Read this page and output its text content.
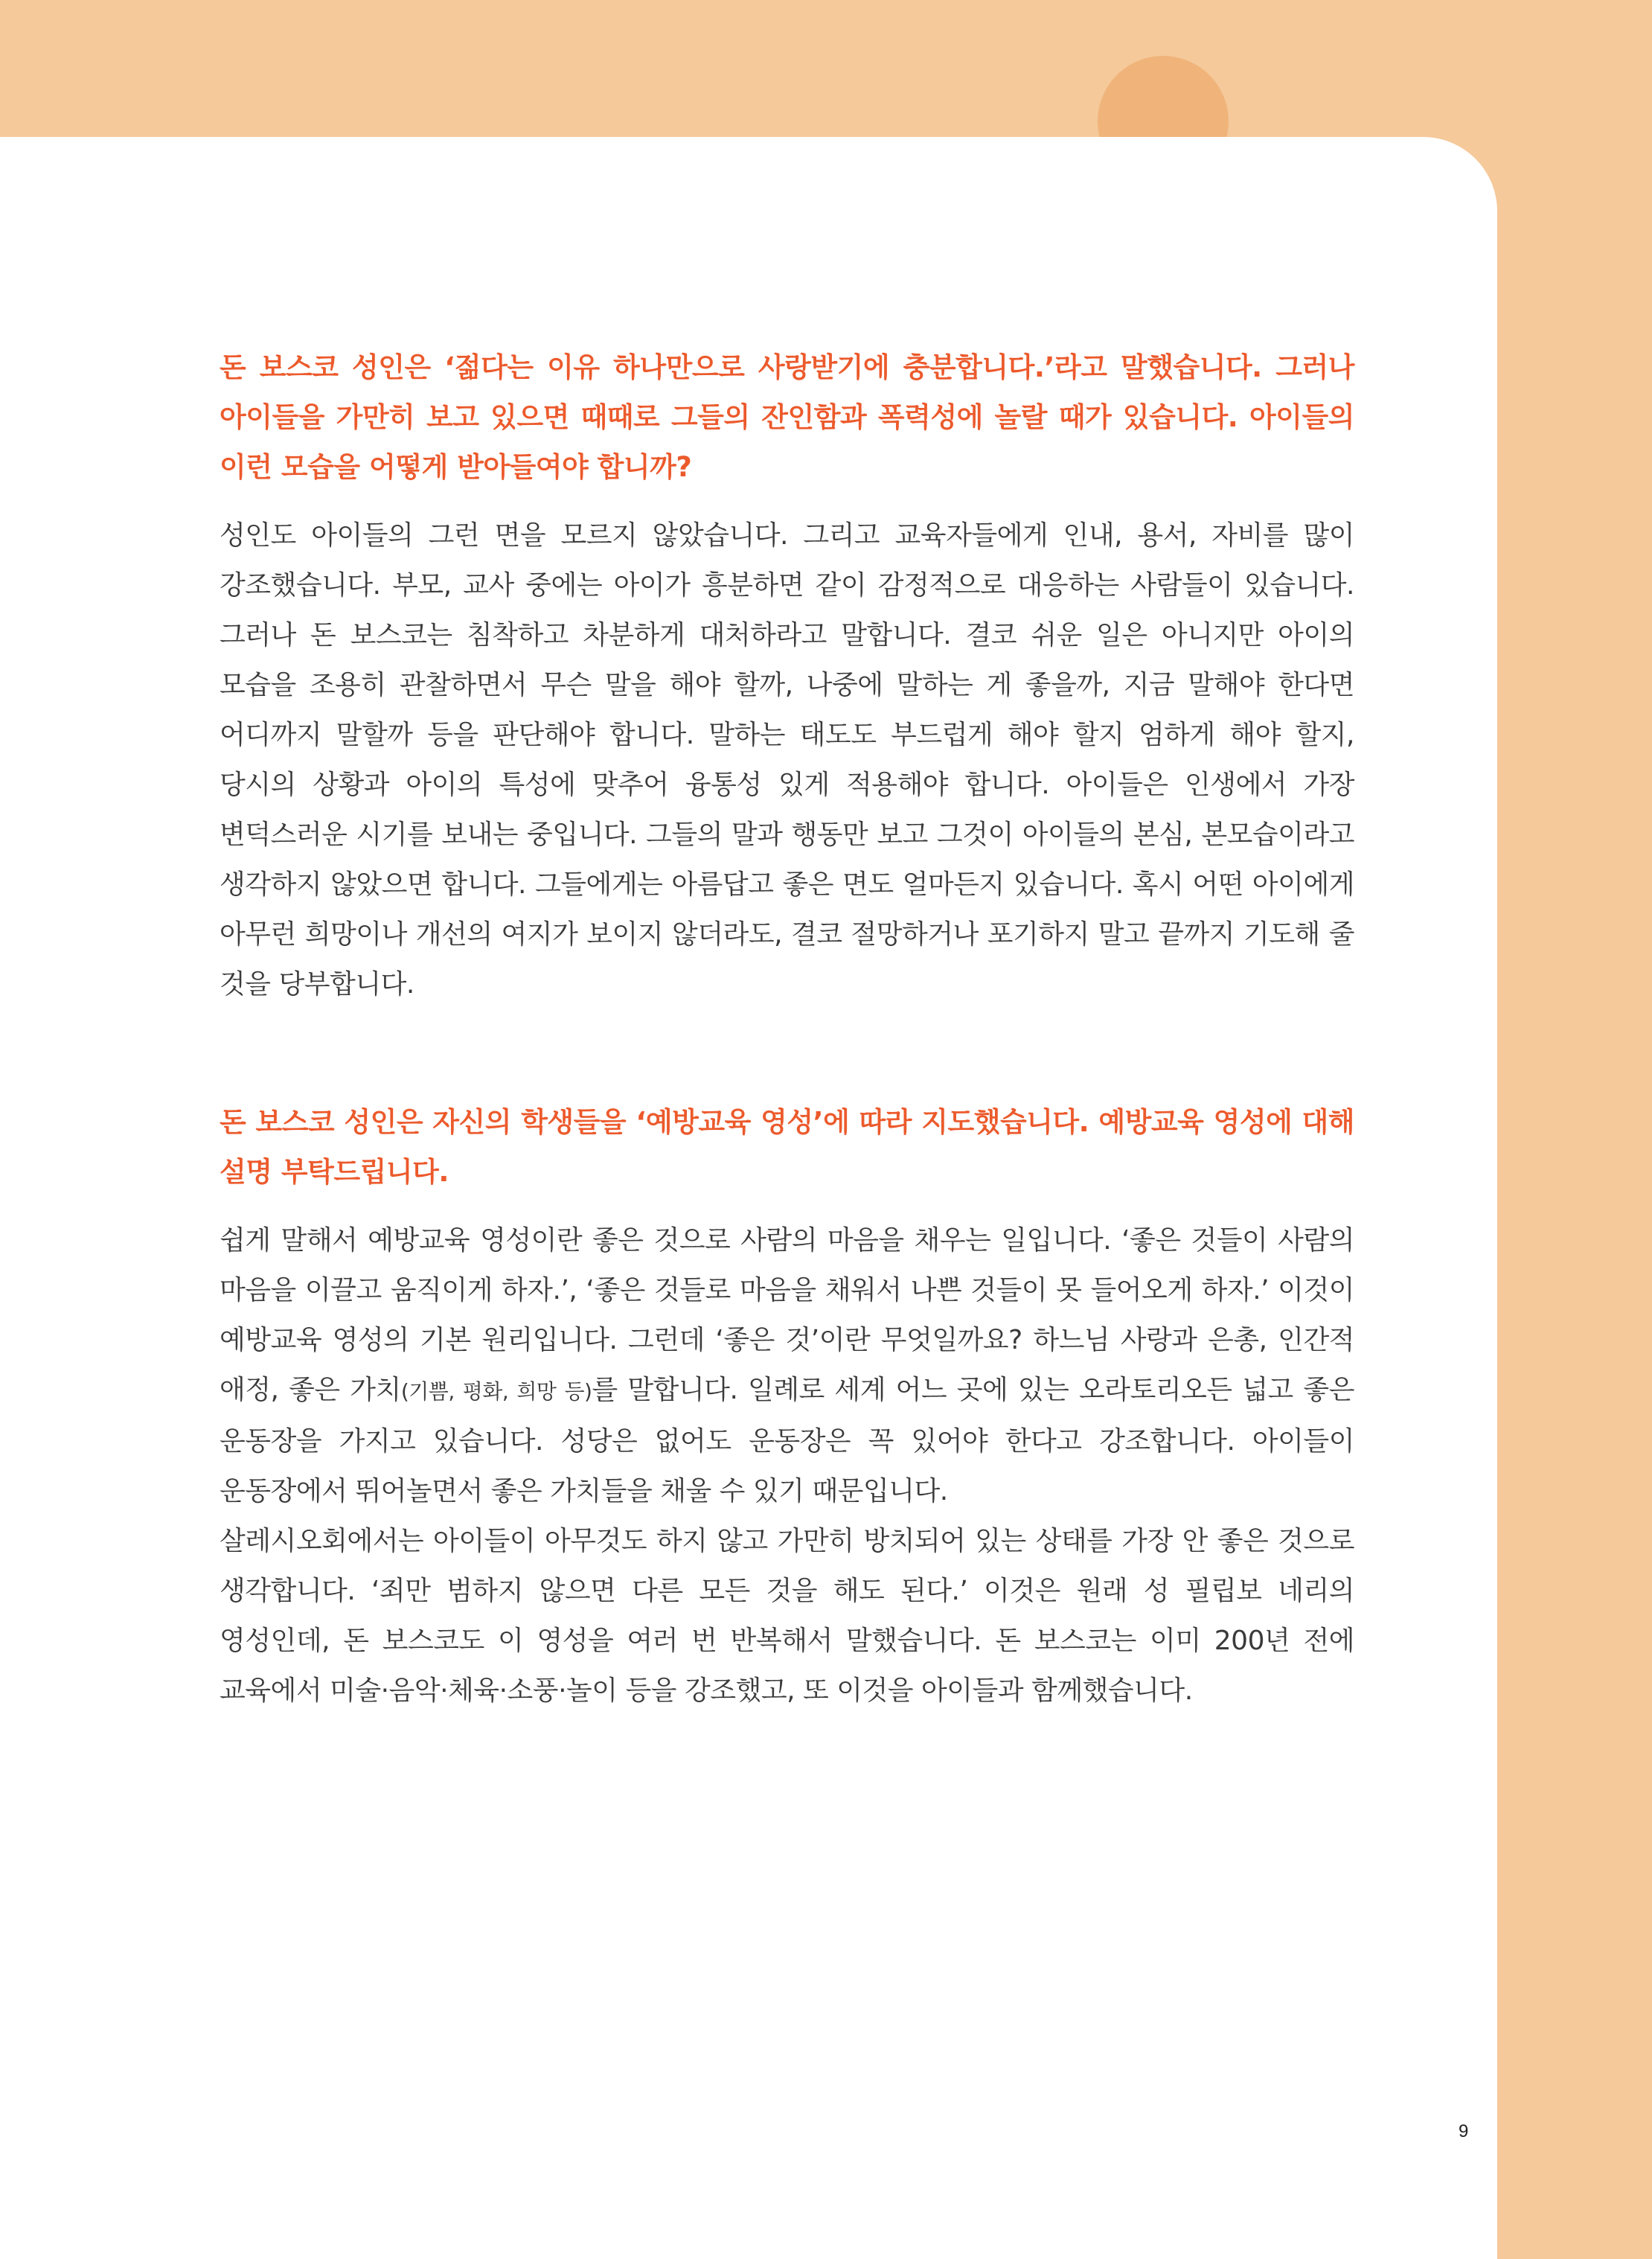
돈 보스코 성인은 ‘젊다는 이유 하나만으로 사랑받기에 충분합니다.’라고 말했습니다. 그러나 아이들을 가만히 보고 있으면 때때로 그들의 잔인함과 폭력성에 놀랄 때가 있습니다. 아이들의 이런 모습을 어떻게 받아들여야 합니까?

성인도 아이들의 그런 면을 모르지 않았습니다. 그리고 교육자들에게 인내, 용서, 자비를 많이 강조했습니다. 부모, 교사 중에는 아이가 흥분하면 같이 감정적으로 대응하는 사람들이 있습니다. 그러나 돈 보스코는 침착하고 차분하게 대처하라고 말합니다. 결코 쉬운 일은 아니지만 아이의 모습을 조용히 관찰하면서 무슨 말을 해야 할까, 나중에 말하는 게 좋을까, 지금 말해야 한다면 어디까지 말할까 등을 판단해야 합니다. 말하는 태도도 부드럽게 해야 할지 엄하게 해야 할지, 당시의 상황과 아이의 특성에 맞추어 융통성 있게 적용해야 합니다. 아이들은 인생에서 가장 변덕스러운 시기를 보내는 중입니다. 그들의 말과 행동만 보고 그것이 아이들의 본심, 본모습이라고 생각하지 않았으면 합니다. 그들에게는 아름답고 좋은 면도 얼마든지 있습니다. 혹시 어떤 아이에게 아무런 희망이나 개선의 여지가 보이지 않더라도, 결코 절망하거나 포기하지 말고 끝까지 기도해 줄 것을 당부합니다.

돈 보스코 성인은 자신의 학생들을 ‘예방교육 영성’에 따라 지도했습니다. 예방교육 영성에 대해 설명 부탁드립니다.

쉽게 말해서 예방교육 영성이란 좋은 것으로 사람의 마음을 채우는 일입니다. ‘좋은 것들이 사람의 마음을 이끌고 움직이게 하자.’, ‘좋은 것들로 마음을 채워서 나쁜 것들이 못 들어오게 하자.’ 이것이 예방교육 영성의 기본 원리입니다. 그런데 ‘좋은 것’이란 무엇일까요? 하느님 사랑과 은총, 인간적 애정, 좋은 가치(기쁨, 평화, 희망 등)를 말합니다. 일례로 세계 어느 곳에 있는 오라토리오든 넓고 좋은 운동장을 가지고 있습니다. 성당은 없어도 운동장은 꼭 있어야 한다고 강조합니다. 아이들이 운동장에서 뛰어놀면서 좋은 가치들을 채울 수 있기 때문입니다.

살레시오회에서는 아이들이 아무것도 하지 않고 가만히 방치되어 있는 상태를 가장 안 좋은 것으로 생각합니다. ‘죄만 범하지 않으면 다른 모든 것을 해도 된다.’ 이것은 원래 성 필립보 네리의 영성인데, 돈 보스코도 이 영성을 여러 번 반복해서 말했습니다. 돈 보스코는 이미 200년 전에 교육에서 미술·음악·체육·소풍·놀이 등을 강조했고, 또 이것을 아이들과 함께했습니다.

9
